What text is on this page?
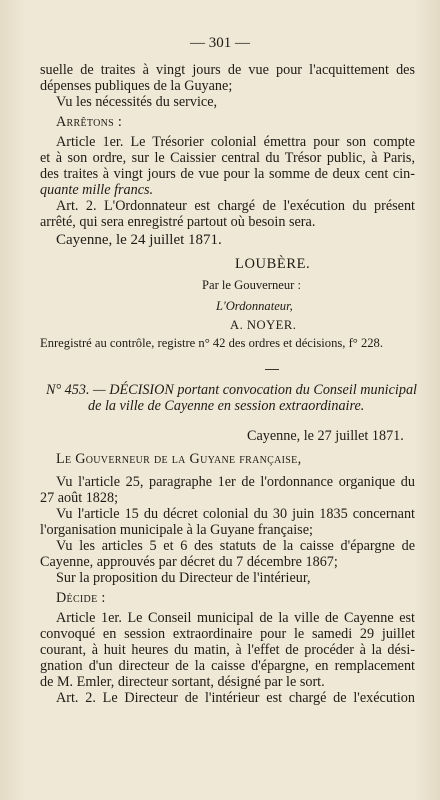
— 301 —
suelle de traites à vingt jours de vue pour l'acquittement des
dépenses publiques de la Guyane;
Vu les nécessités du service,
Arrêtons :
Article 1er. Le Trésorier colonial émettra pour son compte
et à son ordre, sur le Caissier central du Trésor public, à Paris,
des traites à vingt jours de vue pour la somme de deux cent cin-
quante mille francs.
Art. 2. L'Ordonnateur est chargé de l'exécution du présent
arrêté, qui sera enregistré partout où besoin sera.
Cayenne, le 24 juillet 1871.
LOUBÈRE.
Par le Gouverneur :
L'Ordonnateur,
A. NOYER.
Enregistré au contrôle, registre n° 42 des ordres et décisions, f° 228.
N° 453. — DÉCISION portant convocation du Conseil municipal
de la ville de Cayenne en session extraordinaire.
Cayenne, le 27 juillet 1871.
Le Gouverneur de la Guyane française,
Vu l'article 25, paragraphe 1er de l'ordonnance organique du
27 août 1828;
Vu l'article 15 du décret colonial du 30 juin 1835 concernant
l'organisation municipale à la Guyane française;
Vu les articles 5 et 6 des statuts de la caisse d'épargne de
Cayenne, approuvés par décret du 7 décembre 1867;
Sur la proposition du Directeur de l'intérieur,
Décide :
Article 1er. Le Conseil municipal de la ville de Cayenne est
convoqué en session extraordinaire pour le samedi 29 juillet
courant, à huit heures du matin, à l'effet de procéder à la dési-
gnation d'un directeur de la caisse d'épargne, en remplacement
de M. Emler, directeur sortant, désigné par le sort.
Art. 2. Le Directeur de l'intérieur est chargé de l'exécution
